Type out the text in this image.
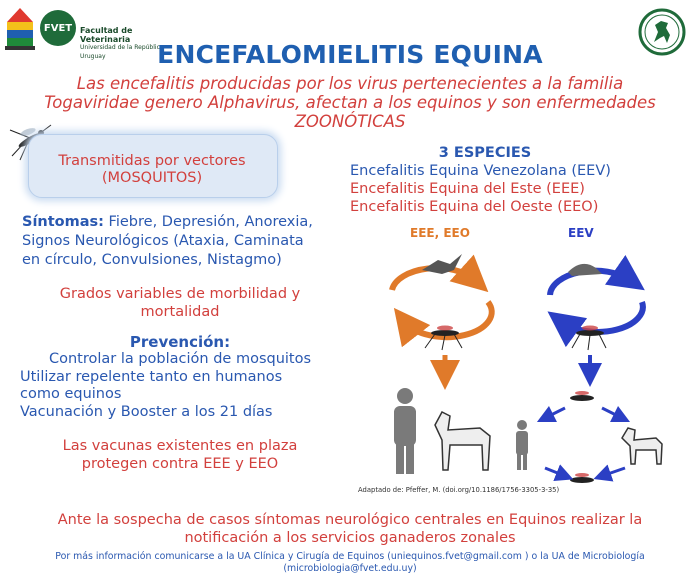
FVET Facultad de Veterinaria
Universidad de la República
Uruguay	ENCEFALOMIELITIS EQUINA
Las encefalitis producidas por los virus pertenecientes a la familia
Togaviridae genero Alphavirus, afectan a los equinos y son enfermedades
ZOONÓTICAS
Transmitidas por vectores
(MOSQUITOS)
Síntomas: Fiebre, Depresión, Anorexia,
Signos Neurológicos (Ataxia, Caminata
en círculo, Convulsiones, Nistagmo)
Grados variables de morbilidad y
mortalidad
Prevención:
Controlar la población de mosquitos
Utilizar repelente tanto en humanos
como equinos
Vacunación y Booster a los 21 días
Las vacunas existentes en plaza
protegen contra EEE y EEO
3 ESPECIES
Encefalitis Equina Venezolana (EEV)
Encefalitis Equina del Este (EEE)
Encefalitis Equina del Oeste (EEO)
EEE, EEO	EEV
Adaptado de: Pfeffer, M. (doi.org/10.1186/1756-3305-3-35)
Ante la sospecha de casos síntomas neurológico centrales en Equinos realizar la
notificación a los servicios ganaderos zonales
Por más información comunicarse a la UA Clínica y Cirugía de Equinos (uniequinos.fvet@gmail.com ) o la UA de Microbiología
(microbiologia@fvet.edu.uy)
